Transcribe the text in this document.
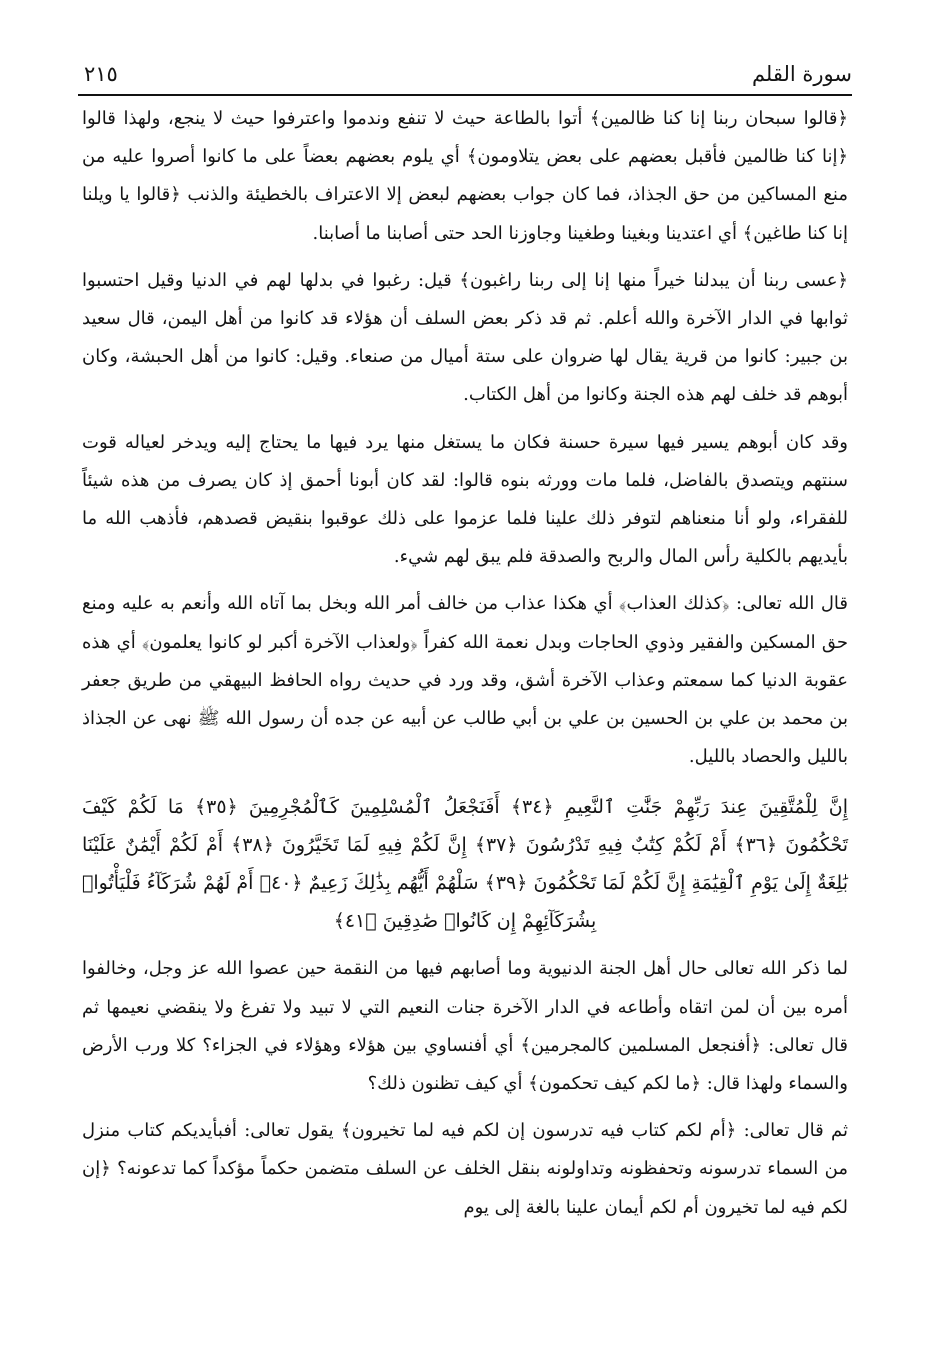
سورة القلم
٢١٥

﴿قالوا سبحان ربنا إنا كنا ظالمين﴾ أتوا بالطاعة حيث لا تنفع وندموا واعترفوا حيث لا ينجع، ولهذا قالوا ﴿إنا كنا ظالمين فأقبل بعضهم على بعض يتلاومون﴾ أي يلوم بعضهم بعضاً على ما كانوا أصروا عليه من منع المساكين من حق الجذاذ، فما كان جواب بعضهم لبعض إلا الاعتراف بالخطيئة والذنب ﴿قالوا يا ويلنا إنا كنا طاغين﴾ أي اعتدينا وبغينا وطغينا وجاوزنا الحد حتى أصابنا ما أصابنا.

﴿عسى ربنا أن يبدلنا خيراً منها إنا إلى ربنا راغبون﴾ قيل: رغبوا في بدلها لهم في الدنيا وقيل احتسبوا ثوابها في الدار الآخرة والله أعلم. ثم قد ذكر بعض السلف أن هؤلاء قد كانوا من أهل اليمن، قال سعيد بن جبير: كانوا من قرية يقال لها ضروان على ستة أميال من صنعاء. وقيل: كانوا من أهل الحبشة، وكان أبوهم قد خلف لهم هذه الجنة وكانوا من أهل الكتاب.

وقد كان أبوهم يسير فيها سيرة حسنة فكان ما يستغل منها يرد فيها ما يحتاج إليه ويدخر لعياله قوت سنتهم ويتصدق بالفاضل، فلما مات وورثه بنوه قالوا: لقد كان أبونا أحمق إذ كان يصرف من هذه شيئاً للفقراء، ولو أنا منعناهم لتوفر ذلك علينا فلما عزموا على ذلك عوقبوا بنقيض قصدهم، فأذهب الله ما بأيديهم بالكلية رأس المال والربح والصدقة فلم يبق لهم شيء.

قال الله تعالى: ﴿كذلك العذاب﴾ أي هكذا عذاب من خالف أمر الله وبخل بما آتاه الله وأنعم به عليه ومنع حق المسكين والفقير وذوي الحاجات وبدل نعمة الله كفراً ﴿ولعذاب الآخرة أكبر لو كانوا يعلمون﴾ أي هذه عقوبة الدنيا كما سمعتم وعذاب الآخرة أشق، وقد ورد في حديث رواه الحافظ البيهقي من طريق جعفر بن محمد بن علي بن الحسين بن علي بن أبي طالب عن أبيه عن جده أن رسول الله ﷺ نهى عن الجذاذ بالليل والحصاد بالليل.

إِنَّ لِلْمُتَّقِينَ عِندَ رَبِّهِمْ جَنَّٰتِ ٱلنَّعِيمِ ﴿٣٤﴾ أَفَنَجْعَلُ ٱلْمُسْلِمِينَ كَٱلْمُجْرِمِينَ ﴿٣٥﴾ مَا لَكُمْ كَيْفَ تَحْكُمُونَ ﴿٣٦﴾ أَمْ لَكُمْ كِتَٰبٌ فِيهِ تَدْرُسُونَ ﴿٣٧﴾ إِنَّ لَكُمْ فِيهِ لَمَا تَخَيَّرُونَ ﴿٣٨﴾ أَمْ لَكُمْ أَيْمَٰنٌ عَلَيْنَا بَٰلِغَةٌ إِلَىٰ يَوْمِ ٱلْقِيَٰمَةِ إِنَّ لَكُمْ لَمَا تَحْكُمُونَ ﴿٣٩﴾ سَلْهُمْ أَيُّهُم بِذَٰلِكَ زَعِيمٌ ﴿٤٠﴾ أَمْ لَهُمْ شُرَكَآءُ فَلْيَأْتُوا۟ بِشُرَكَآئِهِمْ إِن كَانُوا۟ صَٰدِقِينَ ﴿٤١﴾

لما ذكر الله تعالى حال أهل الجنة الدنيوية وما أصابهم فيها من النقمة حين عصوا الله عز وجل، وخالفوا أمره بين أن لمن اتقاه وأطاعه في الدار الآخرة جنات النعيم التي لا تبيد ولا تفرغ ولا ينقضي نعيمها ثم قال تعالى: ﴿أفنجعل المسلمين كالمجرمين﴾ أي أفنساوي بين هؤلاء وهؤلاء في الجزاء؟ كلا ورب الأرض والسماء ولهذا قال: ﴿ما لكم كيف تحكمون﴾ أي كيف تظنون ذلك؟

ثم قال تعالى: ﴿أم لكم كتاب فيه تدرسون إن لكم فيه لما تخيرون﴾ يقول تعالى: أفبأيديكم كتاب منزل من السماء تدرسونه وتحفظونه وتداولونه بنقل الخلف عن السلف متضمن حكماً مؤكداً كما تدعونه؟ ﴿إن لكم فيه لما تخيرون أم لكم أيمان علينا بالغة إلى يوم
